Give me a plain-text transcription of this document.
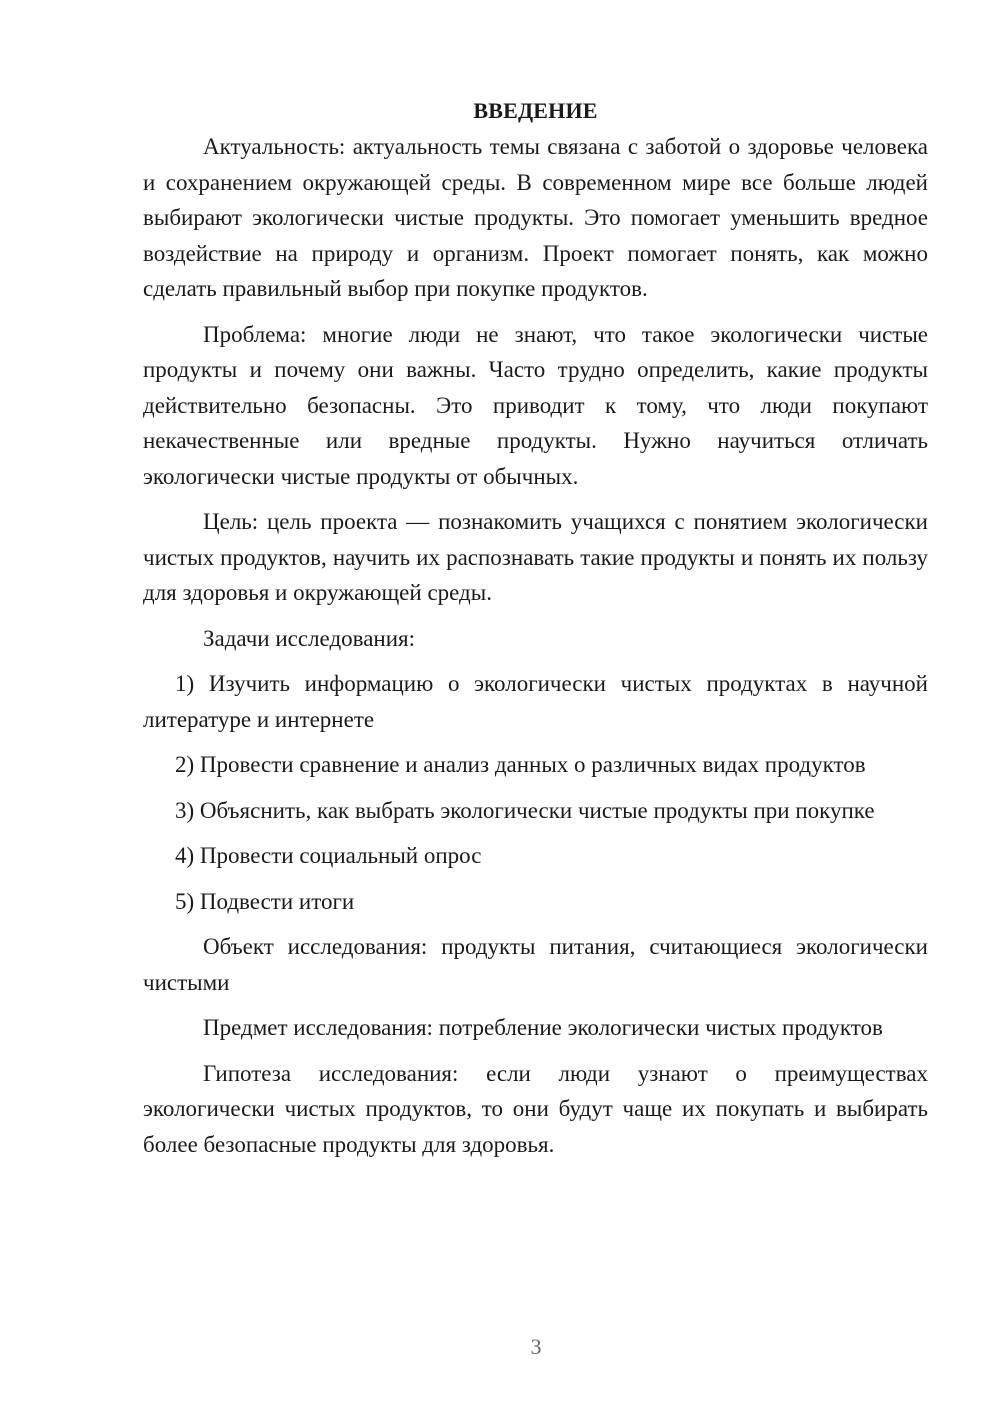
ВВЕДЕНИЕ

Актуальность: актуальность темы связана с заботой о здоровье человека и сохранением окружающей среды. В современном мире все больше людей выбирают экологически чистые продукты. Это помогает уменьшить вредное воздействие на природу и организм. Проект помогает понять, как можно сделать правильный выбор при покупке продуктов.

Проблема: многие люди не знают, что такое экологически чистые продукты и почему они важны. Часто трудно определить, какие продукты действительно безопасны. Это приводит к тому, что люди покупают некачественные или вредные продукты. Нужно научиться отличать экологически чистые продукты от обычных.

Цель: цель проекта — познакомить учащихся с понятием экологически чистых продуктов, научить их распознавать такие продукты и понять их пользу для здоровья и окружающей среды.

Задачи исследования:

1) Изучить информацию о экологически чистых продуктах в научной литературе и интернете

2) Провести сравнение и анализ данных о различных видах продуктов

3) Объяснить, как выбрать экологически чистые продукты при покупке

4) Провести социальный опрос

5) Подвести итоги

Объект исследования: продукты питания, считающиеся экологически чистыми

Предмет исследования: потребление экологически чистых продуктов

Гипотеза исследования: если люди узнают о преимуществах экологически чистых продуктов, то они будут чаще их покупать и выбирать более безопасные продукты для здоровья.

3
